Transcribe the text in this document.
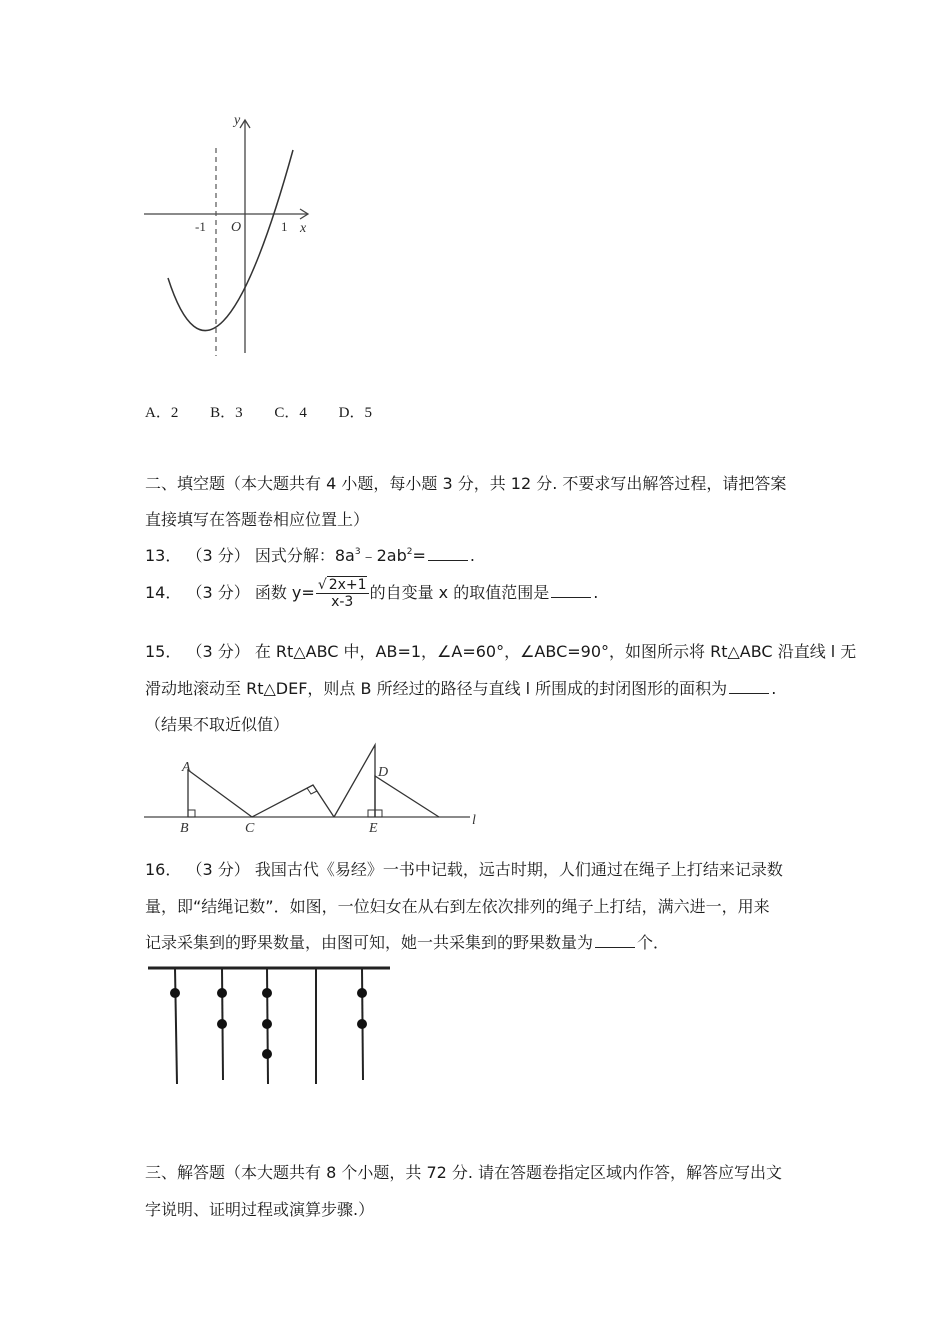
y
x
O
-1	1
A．2 B．3 C．4 D．5
二、填空题（本大题共有 4 小题，每小题 3 分，共 12 分. 不要求写出解答过程，请把答案
直接填写在答题卷相应位置上）
13． （3 分） 因式分解：$8a^3﹣2ab^2=$	.
14． （3 分） 函数 $y= \frac{√ 2x+1}{x-3}$ 的自变量 x 的取值范围是	.
15． （3 分） 在 Rt△ABC 中，AB=1，∠A=60°，∠ABC=90°，如图所示将 Rt△ABC 沿直线 l 无
滑动地滚动至 Rt△DEF，则点 B 所经过的路径与直线 l 所围成的封闭图形的面积为	.
（结果不取近似值）
A
B	C
D
E
l
16． （3 分） 我国古代《易经》一书中记载，远古时期，人们通过在绳子上打结来记录数
量，即“结绳记数”．如图，一位妇女在从右到左依次排列的绳子上打结，满六进一，用来
记录采集到的野果数量，由图可知，她一共采集到的野果数量为	个．
三、解答题（本大题共有 8 个小题，共 72 分. 请在答题卷指定区域内作答，解答应写出文
字说明、证明过程或演算步骤.）
